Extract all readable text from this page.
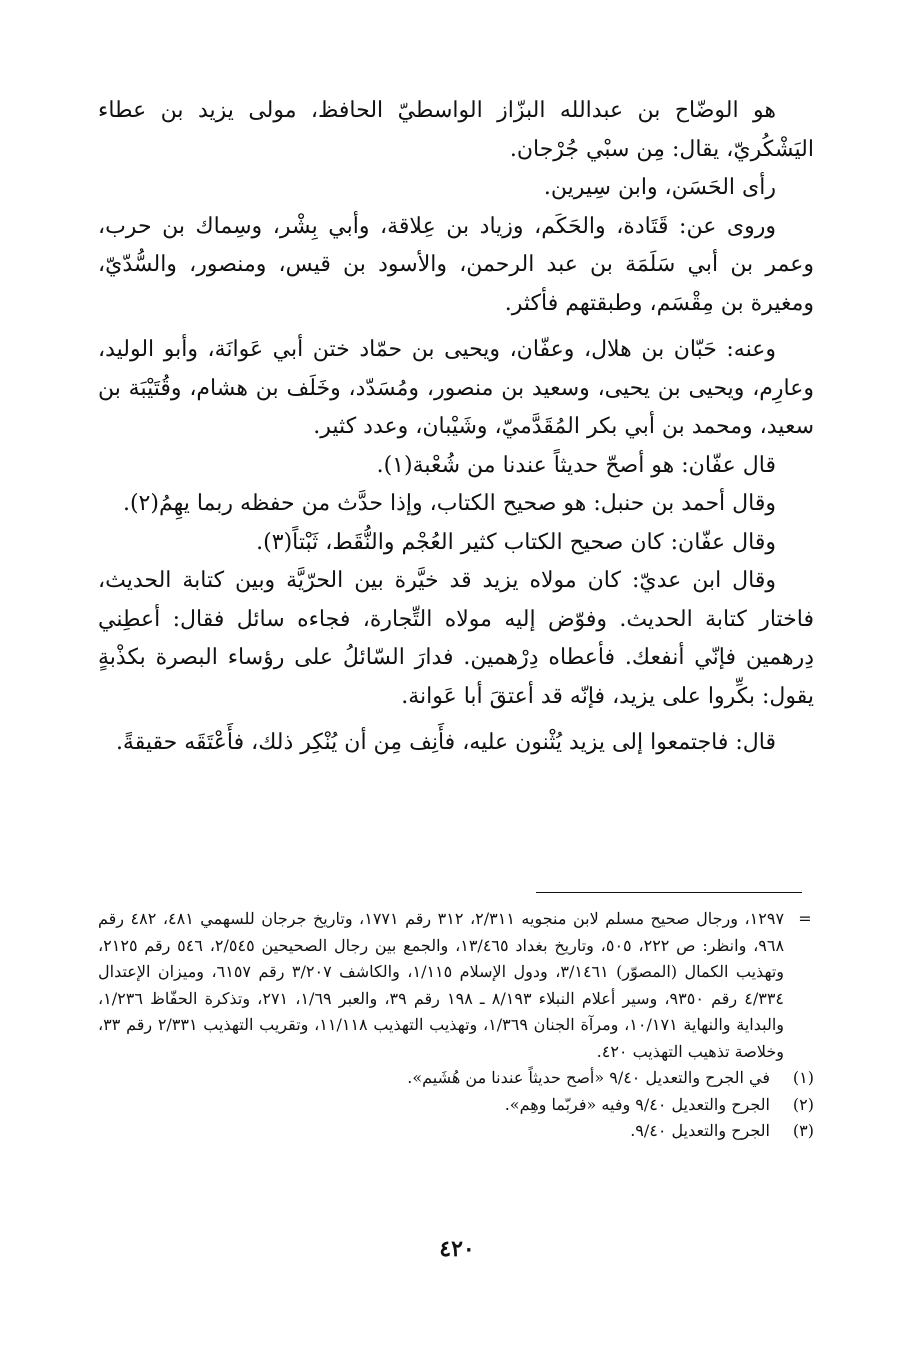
هو الوضّاح بن عبدالله البزّاز الواسطيّ الحافظ، مولى يزيد بن عطاء اليَشْكُريّ، يقال: مِن سبْي جُرْجان.

رأى الحَسَن، وابن سِيرين.

وروى عن: قَتَادة، والحَكَم، وزياد بن عِلاقة، وأبي بِشْر، وسِماك بن حرب، وعمر بن أبي سَلَمَة بن عبد الرحمن، والأسود بن قيس، ومنصور، والسُّدّيّ، ومغيرة بن مِقْسَم، وطبقتهم فأكثر.

وعنه: حَبّان بن هلال، وعفّان، ويحيى بن حمّاد ختن أبي عَوانَة، وأبو الوليد، وعارِم، ويحيى بن يحيى، وسعيد بن منصور، ومُسَدّد، وخَلَف بن هشام، وقُتَيْبَة بن سعيد، ومحمد بن أبي بكر المُقَدَّميّ، وشَيْبان، وعدد كثير.

قال عفّان: هو أصحّ حديثاً عندنا من شُعْبة(١).

وقال أحمد بن حنبل: هو صحيح الكتاب، وإذا حدَّث من حفظه ربما يهِمُ(٢).

وقال عفّان: كان صحيح الكتاب كثير العُجْم والنُّقَط، ثَبْتاً(٣).

وقال ابن عديّ: كان مولاه يزيد قد خيَّرة بين الحرّيَّة وبين كتابة الحديث، فاختار كتابة الحديث. وفوّض إليه مولاه التِّجارة، فجاءه سائل فقال: أعطِني دِرهمين فإنّي أنفعك. فأعطاه دِرْهمين. فدارَ السّائلُ على رؤساء البصرة بكذْبةٍ يقول: بكِّروا على يزيد، فإنّه قد أعتقَ أبا عَوانة.

قال: فاجتمعوا إلى يزيد يُثْنون عليه، فأَنِف مِن أن يُنْكِر ذلك، فأَعْتَقَه حقيقةً.

=
١٢٩٧، ورجال صحيح مسلم لابن منجويه ٢/٣١١، ٣١٢ رقم ١٧٧١، وتاريخ جرجان للسهمي ٤٨١، ٤٨٢ رقم ٩٦٨، وانظر: ص ٢٢٢، ٥٠٥، وتاريخ بغداد ١٣/٤٦٥، والجمع بين رجال الصحيحين ٢/٥٤٥، ٥٤٦ رقم ٢١٢٥، وتهذيب الكمال (المصوّر) ٣/١٤٦١، ودول الإسلام ١/١١٥، والكاشف ٣/٢٠٧ رقم ٦١٥٧، وميزان الإعتدال ٤/٣٣٤ رقم ٩٣٥٠، وسير أعلام النبلاء ٨/١٩٣ ـ ١٩٨ رقم ٣٩، والعبر ١/٦٩، ٢٧١، وتذكرة الحفّاظ ١/٢٣٦، والبداية والنهاية ١٠/١٧١، ومرآة الجنان ١/٣٦٩، وتهذيب التهذيب ١١/١١٨، وتقريب التهذيب ٢/٣٣١ رقم ٣٣، وخلاصة تذهيب التهذيب ٤٢٠.

(١)
في الجرح والتعديل ٩/٤٠ «أصح حديثاً عندنا من هُشَيم».

(٢)
الجرح والتعديل ٩/٤٠ وفيه «فربّما وهِم».

(٣)
الجرح والتعديل ٩/٤٠.

٤٢٠
